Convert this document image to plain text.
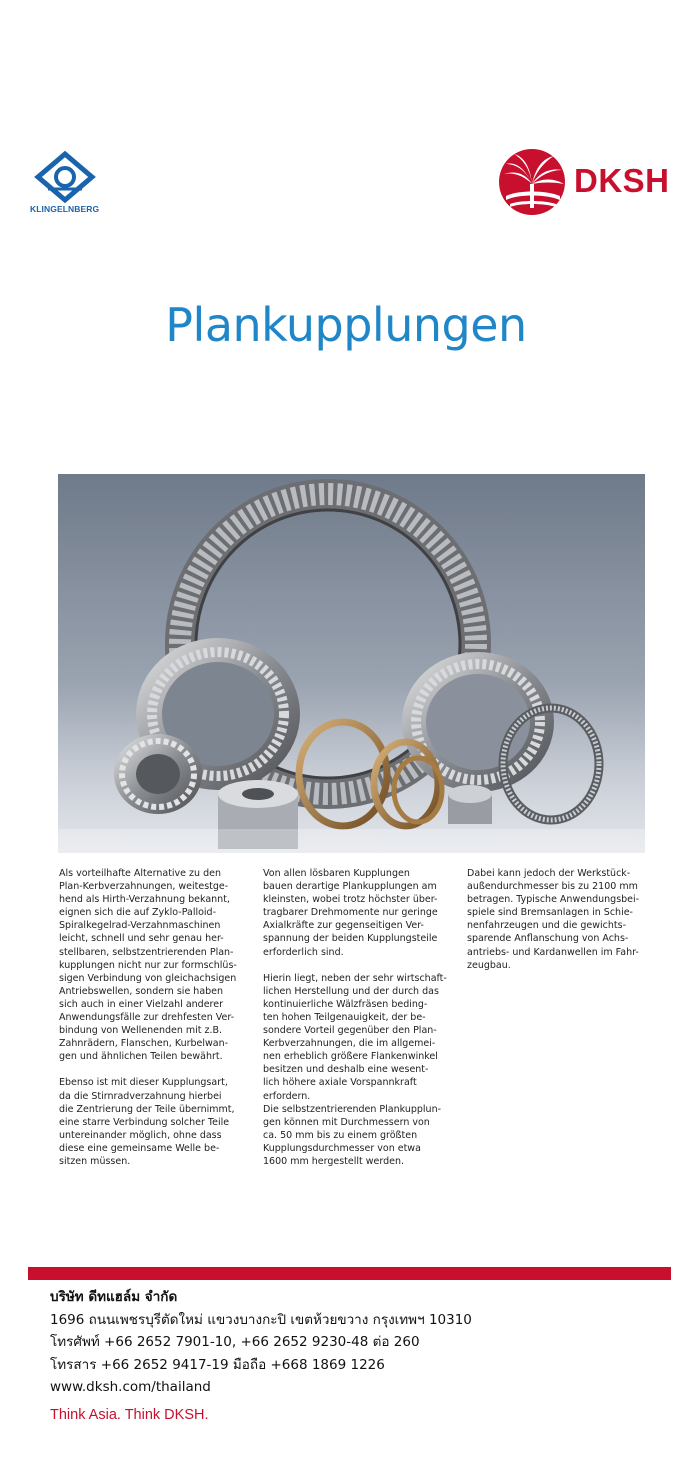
KLINGELNBERG
DKSH
Plankupplungen

Als vorteilhafte Alternative zu den
Plan-Kerbverzahnungen, weitestge-
hend als Hirth-Verzahnung bekannt,
eignen sich die auf Zyklo-Palloid-
Spiralkegelrad-Verzahnmaschinen
leicht, schnell und sehr genau her-
stellbaren, selbstzentrierenden Plan-
kupplungen nicht nur zur formschlüs-
sigen Verbindung von gleichachsigen
Antriebswellen, sondern sie haben
sich auch in einer Vielzahl anderer
Anwendungsfälle zur drehfesten Ver-
bindung von Wellenenden mit z.B.
Zahnrädern, Flanschen, Kurbelwan-
gen und ähnlichen Teilen bewährt.

Ebenso ist mit dieser Kupplungsart,
da die Stirnradverzahnung hierbei
die Zentrierung der Teile übernimmt,
eine starre Verbindung solcher Teile
untereinander möglich, ohne dass
diese eine gemeinsame Welle be-
sitzen müssen.

Von allen lösbaren Kupplungen
bauen derartige Plankupplungen am
kleinsten, wobei trotz höchster über-
tragbarer Drehmomente nur geringe
Axialkräfte zur gegenseitigen Ver-
spannung der beiden Kupplungsteile
erforderlich sind.

Hierin liegt, neben der sehr wirtschaft-
lichen Herstellung und der durch das
kontinuierliche Wälzfräsen beding-
ten hohen Teilgenauigkeit, der be-
sondere Vorteil gegenüber den Plan-
Kerbverzahnungen, die im allgemei-
nen erheblich größere Flankenwinkel
besitzen und deshalb eine wesent-
lich höhere axiale Vorspannkraft
erfordern.

Die selbstzentrierenden Plankupplun-
gen können mit Durchmessern von
ca. 50 mm bis zu einem größten
Kupplungsdurchmesser von etwa
1600 mm hergestellt werden.

Dabei kann jedoch der Werkstück-
außendurchmesser bis zu 2100 mm
betragen. Typische Anwendungsbei-
spiele sind Bremsanlagen in Schie-
nenfahrzeugen und die gewichts-
sparende Anflanschung von Achs-
antriebs- und Kardanwellen im Fahr-
zeugbau.

บริษัท ดีทแฮล์ม จำกัด
1696 ถนนเพชรบุรีตัดใหม่ แขวงบางกะปิ เขตห้วยขวาง กรุงเทพฯ 10310
โทรศัพท์ +66 2652 7901-10, +66 2652 9230-48 ต่อ 260
โทรสาร +66 2652 9417-19 มือถือ +668 1869 1226
www.dksh.com/thailand
Think Asia. Think DKSH.
